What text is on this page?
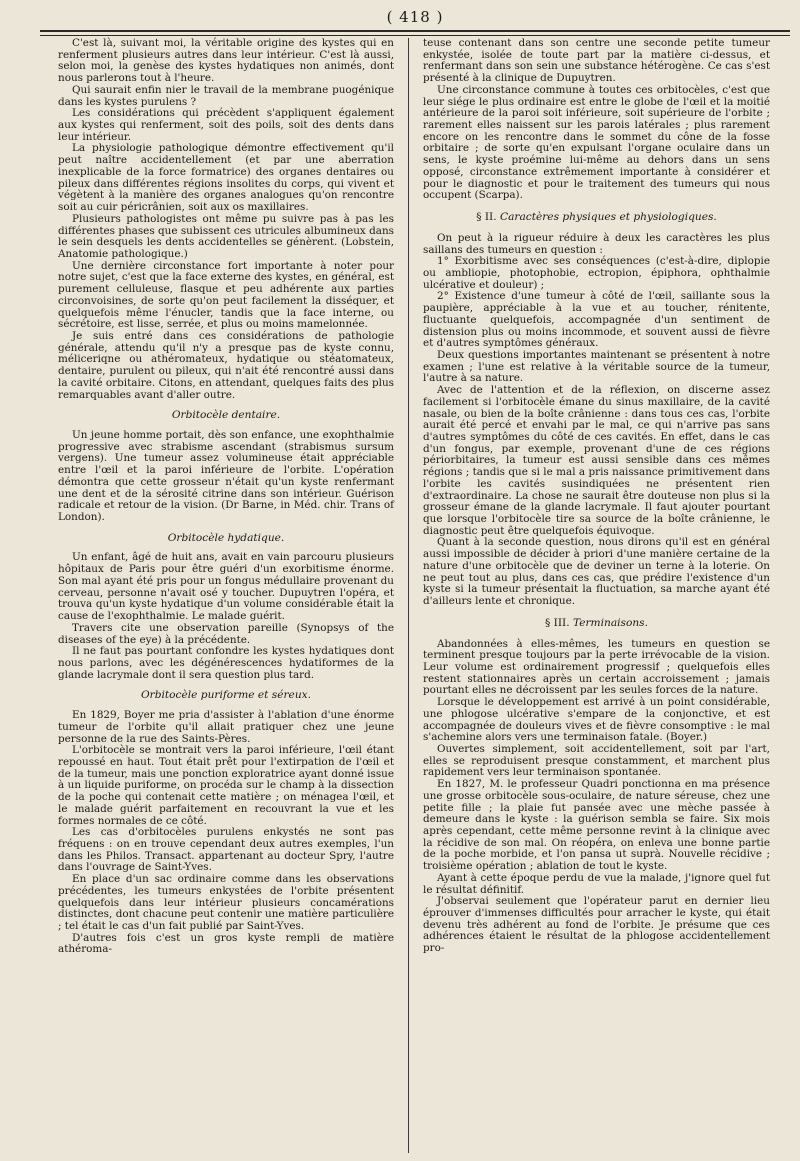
( 418 )

C'est là, suivant moi, la véritable origine des kystes qui en renferment plusieurs autres dans leur intérieur. C'est là aussi, selon moi, la genèse des kystes hydatiques non animés, dont nous parlerons tout à l'heure.

Qui saurait enfin nier le travail de la membrane puogénique dans les kystes purulens ?

Les considérations qui précèdent s'appliquent également aux kystes qui renferment, soit des poils, soit des dents dans leur intérieur.

La physiologie pathologique démontre effectivement qu'il peut naître accidentellement (et par une aberration inexplicable de la force formatrice) des organes dentaires ou pileux dans différentes régions insolites du corps, qui vivent et végètent à la manière des organes analogues qu'on rencontre soit au cuir péricrânien, soit aux os maxillaires.

Plusieurs pathologistes ont même pu suivre pas à pas les différentes phases que subissent ces utricules albumineux dans le sein desquels les dents accidentelles se génèrent. (Lobstein, Anatomie pathologique.)

Une dernière circonstance fort importante à noter pour notre sujet, c'est que la face externe des kystes, en général, est purement celluleuse, flasque et peu adhérente aux parties circonvoisines, de sorte qu'on peut facilement la disséquer, et quelquefois même l'énucler, tandis que la face interne, ou sécrétoire, est lisse, serrée, et plus ou moins mamelonnée.

Je suis entré dans ces considérations de pathologie générale, attendu qu'il n'y a presque pas de kyste connu, méliceriqne ou athéromateux, hydatique ou stéatomateux, dentaire, purulent ou pileux, qui n'ait été rencontré aussi dans la cavité orbitaire. Citons, en attendant, quelques faits des plus remarquables avant d'aller outre.

Orbitocèle dentaire.

Un jeune homme portait, dès son enfance, une exophthalmie progressive avec strabisme ascendant (strabismus sursum vergens). Une tumeur assez volumineuse était appréciable entre l'œil et la paroi inférieure de l'orbite. L'opération démontra que cette grosseur n'était qu'un kyste renfermant une dent et de la sérosité citrine dans son intérieur. Guérison radicale et retour de la vision. (Dr Barne, in Méd. chir. Trans of London).

Orbitocèle hydatique.

Un enfant, âgé de huit ans, avait en vain parcouru plusieurs hôpitaux de Paris pour être guéri d'un exorbitisme énorme. Son mal ayant été pris pour un fongus médullaire provenant du cerveau, personne n'avait osé y toucher. Dupuytren l'opéra, et trouva qu'un kyste hydatique d'un volume considérable était la cause de l'exophthalmie. Le malade guérit.

Travers cite une observation pareille (Synopsys of the diseases of the eye) à la précédente.

Il ne faut pas pourtant confondre les kystes hydatiques dont nous parlons, avec les dégénérescences hydatiformes de la glande lacrymale dont il sera question plus tard.

Orbitocèle puriforme et séreux.

En 1829, Boyer me pria d'assister à l'ablation d'une énorme tumeur de l'orbite qu'il allait pratiquer chez une jeune personne de la rue des Saints-Pères.

L'orbitocèle se montrait vers la paroi inférieure, l'œil étant repoussé en haut. Tout était prêt pour l'extirpation de l'œil et de la tumeur, mais une ponction exploratrice ayant donné issue à un liquide puriforme, on procéda sur le champ à la dissection de la poche qui contenait cette matière ; on ménagea l'œil, et le malade guérit parfaitement en recouvrant la vue et les formes normales de ce côté.

Les cas d'orbitocèles purulens enkystés ne sont pas fréquens : on en trouve cependant deux autres exemples, l'un dans les Philos. Transact. appartenant au docteur Spry, l'autre dans l'ouvrage de Saint-Yves.

En place d'un sac ordinaire comme dans les observations précédentes, les tumeurs enkystées de l'orbite présentent quelquefois dans leur intérieur plusieurs concamérations distinctes, dont chacune peut contenir une matière particulière ; tel était le cas d'un fait publié par Saint-Yves.

D'autres fois c'est un gros kyste rempli de matière athéroma-

teuse contenant dans son centre une seconde petite tumeur enkystée, isolée de toute part par la matière ci-dessus, et renfermant dans son sein une substance hétérogène. Ce cas s'est présenté à la clinique de Dupuytren.

Une circonstance commune à toutes ces orbitocèles, c'est que leur siége le plus ordinaire est entre le globe de l'œil et la moitié antérieure de la paroi soit inférieure, soit supérieure de l'orbite ; rarement elles naissent sur les parois latérales ; plus rarement encore on les rencontre dans le sommet du cône de la fosse orbitaire ; de sorte qu'en expulsant l'organe oculaire dans un sens, le kyste proémine lui-même au dehors dans un sens opposé, circonstance extrêmement importante à considérer et pour le diagnostic et pour le traitement des tumeurs qui nous occupent (Scarpa).

§ II. Caractères physiques et physiologiques.

On peut à la rigueur réduire à deux les caractères les plus saillans des tumeurs en question :

1° Exorbitisme avec ses conséquences (c'est-à-dire, diplopie ou ambliopie, photophobie, ectropion, épiphora, ophthalmie ulcérative et douleur) ;

2° Existence d'une tumeur à côté de l'œil, saillante sous la paupière, appréciable à la vue et au toucher, rénitente, fluctuante quelquefois, accompagnée d'un sentiment de distension plus ou moins incommode, et souvent aussi de fièvre et d'autres symptômes généraux.

Deux questions importantes maintenant se présentent à notre examen ; l'une est relative à la véritable source de la tumeur, l'autre à sa nature.

Avec de l'attention et de la réflexion, on discerne assez facilement si l'orbitocèle émane du sinus maxillaire, de la cavité nasale, ou bien de la boîte crânienne : dans tous ces cas, l'orbite aurait été percé et envahi par le mal, ce qui n'arrive pas sans d'autres symptômes du côté de ces cavités. En effet, dans le cas d'un fongus, par exemple, provenant d'une de ces régions périorbitaires, la tumeur est aussi sensible dans ces mêmes régions ; tandis que si le mal a pris naissance primitivement dans l'orbite les cavités susindiquées ne présentent rien d'extraordinaire. La chose ne saurait être douteuse non plus si la grosseur émane de la glande lacrymale. Il faut ajouter pourtant que lorsque l'orbitocèle tire sa source de la boîte crânienne, le diagnostic peut être quelquefois équivoque.

Quant à la seconde question, nous dirons qu'il est en général aussi impossible de décider à priori d'une manière certaine de la nature d'une orbitocèle que de deviner un terne à la loterie. On ne peut tout au plus, dans ces cas, que prédire l'existence d'un kyste si la tumeur présentait la fluctuation, sa marche ayant été d'ailleurs lente et chronique.

§ III. Terminaisons.

Abandonnées à elles-mêmes, les tumeurs en question se terminent presque toujours par la perte irrévocable de la vision. Leur volume est ordinairement progressif ; quelquefois elles restent stationnaires après un certain accroissement ; jamais pourtant elles ne décroissent par les seules forces de la nature.

Lorsque le développement est arrivé à un point considérable, une phlogose ulcérative s'empare de la conjonctive, et est accompagnée de douleurs vives et de fièvre consomptive : le mal s'achemine alors vers une terminaison fatale. (Boyer.)

Ouvertes simplement, soit accidentellement, soit par l'art, elles se reproduisent presque constamment, et marchent plus rapidement vers leur terminaison spontanée.

En 1827, M. le professeur Quadri ponctionna en ma présence une grosse orbitocèle sous-oculaire, de nature séreuse, chez une petite fille ; la plaie fut pansée avec une mèche passée à demeure dans le kyste : la guérison sembla se faire. Six mois après cependant, cette même personne revint à la clinique avec la récidive de son mal. On réopéra, on enleva une bonne partie de la poche morbide, et l'on pansa ut suprà. Nouvelle récidive ; troisième opération ; ablation de tout le kyste.

Ayant à cette époque perdu de vue la malade, j'ignore quel fut le résultat définitif.

J'observai seulement que l'opérateur parut en dernier lieu éprouver d'immenses difficultés pour arracher le kyste, qui était devenu très adhérent au fond de l'orbite. Je présume que ces adhérences étaient le résultat de la phlogose accidentellement pro-
